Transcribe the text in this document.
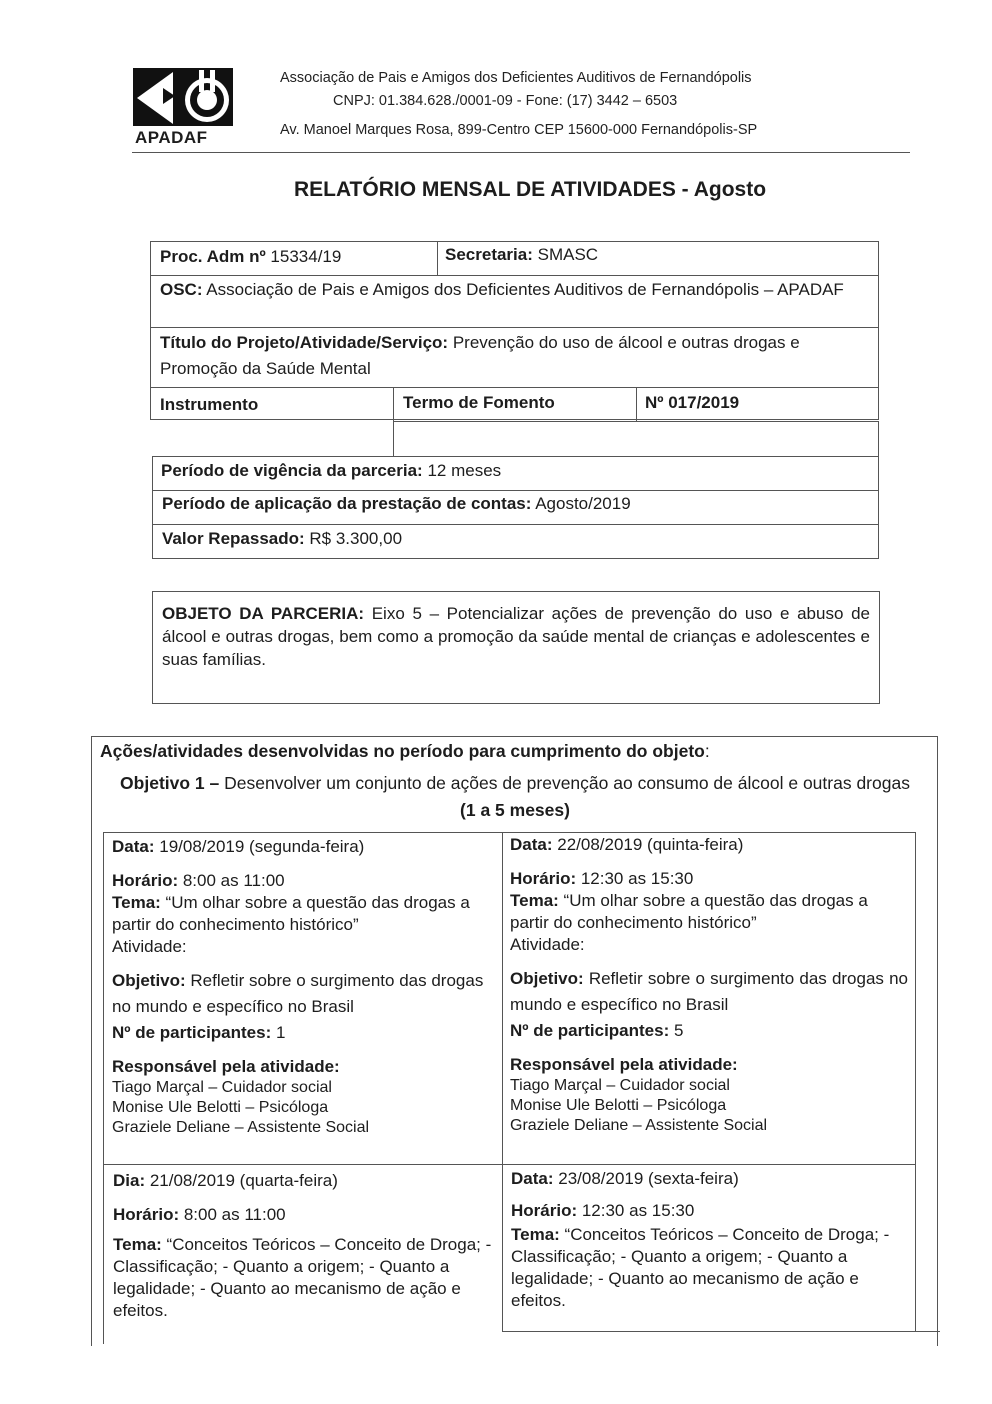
APADAF
Associação de Pais e Amigos dos Deficientes Auditivos de Fernandópolis
CNPJ: 01.384.628./0001-09 - Fone: (17) 3442 – 6503
Av. Manoel Marques Rosa, 899-Centro CEP 15600-000 Fernandópolis-SP
RELATÓRIO MENSAL DE ATIVIDADES - Agosto
Proc. Adm nº 15334/19	Secretaria: SMASC
OSC: Associação de Pais e Amigos dos Deficientes Auditivos de Fernandópolis – APADAF
Título do Projeto/Atividade/Serviço: Prevenção do uso de álcool e outras drogas e Promoção da Saúde Mental
Instrumento	Termo de Fomento	Nº 017/2019
Período de vigência da parceria: 12 meses
Período de aplicação da prestação de contas: Agosto/2019
Valor Repassado: R$ 3.300,00
OBJETO DA PARCERIA: Eixo 5 – Potencializar ações de prevenção do uso e abuso de álcool e outras drogas, bem como a promoção da saúde mental de crianças e adolescentes e suas famílias.
Ações/atividades desenvolvidas no período para cumprimento do objeto:
Objetivo 1 – Desenvolver um conjunto de ações de prevenção ao consumo de álcool e outras drogas (1 a 5 meses)
Data: 19/08/2019 (segunda-feira)
Horário: 8:00 as 11:00
Tema: “Um olhar sobre a questão das drogas a partir do conhecimento histórico”
Atividade:
Objetivo: Refletir sobre o surgimento das drogas no mundo e específico no Brasil
Nº de participantes: 1
Responsável pela atividade:
Tiago Marçal – Cuidador social
Monise Ule Belotti – Psicóloga
Graziele Deliane – Assistente Social
Data: 22/08/2019 (quinta-feira)
Horário: 12:30 as 15:30
Tema: “Um olhar sobre a questão das drogas a partir do conhecimento histórico”
Atividade:
Objetivo: Refletir sobre o surgimento das drogas no mundo e específico no Brasil
Nº de participantes: 5
Responsável pela atividade:
Tiago Marçal – Cuidador social
Monise Ule Belotti – Psicóloga
Graziele Deliane – Assistente Social
Dia: 21/08/2019 (quarta-feira)
Horário: 8:00 as 11:00
Tema: “Conceitos Teóricos – Conceito de Droga; - Classificação; - Quanto a origem; - Quanto a legalidade; - Quanto ao mecanismo de ação e efeitos.
Data: 23/08/2019 (sexta-feira)
Horário: 12:30 as 15:30
Tema: “Conceitos Teóricos – Conceito de Droga; - Classificação; - Quanto a origem; - Quanto a legalidade; - Quanto ao mecanismo de ação e efeitos.
